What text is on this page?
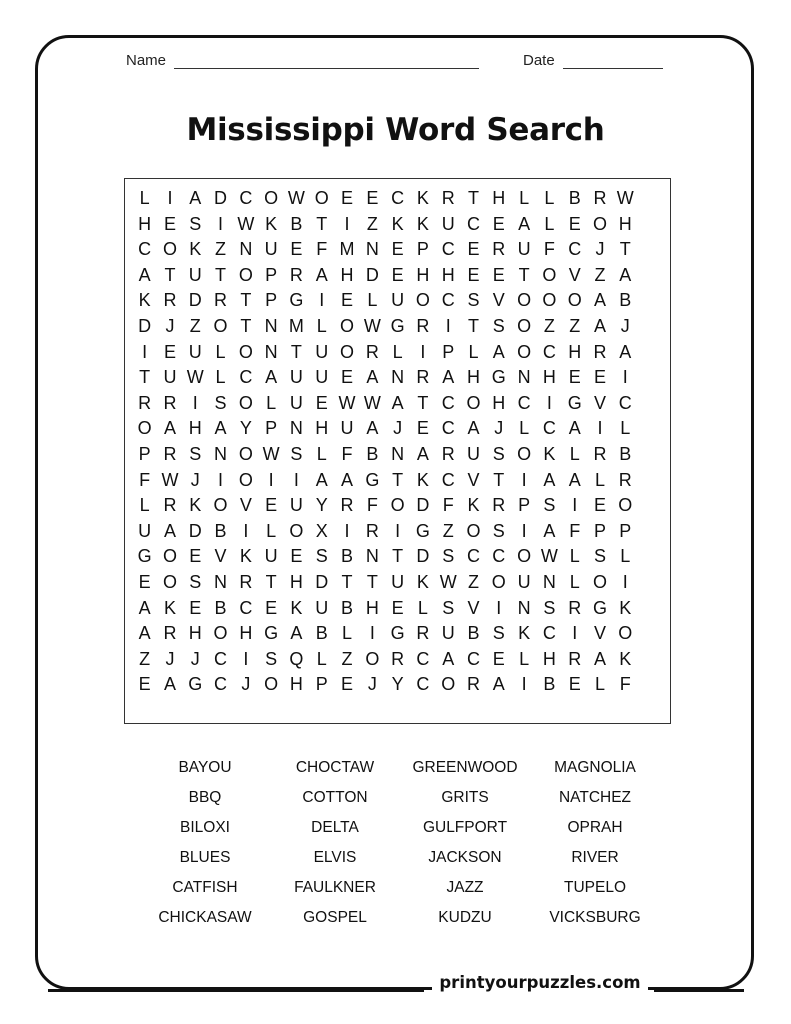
Name	Date
Mississippi Word Search
L I A D C O W O E E C K R T H L L B R W
H E S I W K B T I Z K K U C E A L E O H
C O K Z N U E F M N E P C E R U F C J T
A T U T O P R A H D E H H E E T O V Z A
K R D R T P G I E L U O C S V O O O A B
D J Z O T N M L O W G R I T S O Z Z A J
I E U L O N T U O R L I P L A O C H R A
T U W L C A U U E A N R A H G N H E E I
R R I S O L U E W W A T C O H C I G V C
O A H A Y P N H U A J E C A J L C A I L
P R S N O W S L F B N A R U S O K L R B
F W J	I O I	I A A G T K C V T I A A L R
L R K O V E U Y R F O D F K R P S I E O
U A D B I L O X I R I G Z O S I A F P P
G O E V K U E S B N T D S C C O W L S L
E O S N R T H D T T U K W Z O U N L O I
A K E B C E K U B H E L S V I N S R G K
A R H O H G A B L I G R U B S K C I V O
Z J J C I S Q L Z O R C A C E L H R A K
E A G C J O H P E J Y C O R A I B E L F
BAYOU	CHOCTAW	GREENWOOD	MAGNOLIA
BBQ	COTTON	GRITS	NATCHEZ
BILOXI	DELTA	GULFPORT	OPRAH
BLUES	ELVIS	JACKSON	RIVER
CATFISH	FAULKNER	JAZZ	TUPELO
CHICKASAW	GOSPEL	KUDZU	VICKSBURG
printyourpuzzles.com
